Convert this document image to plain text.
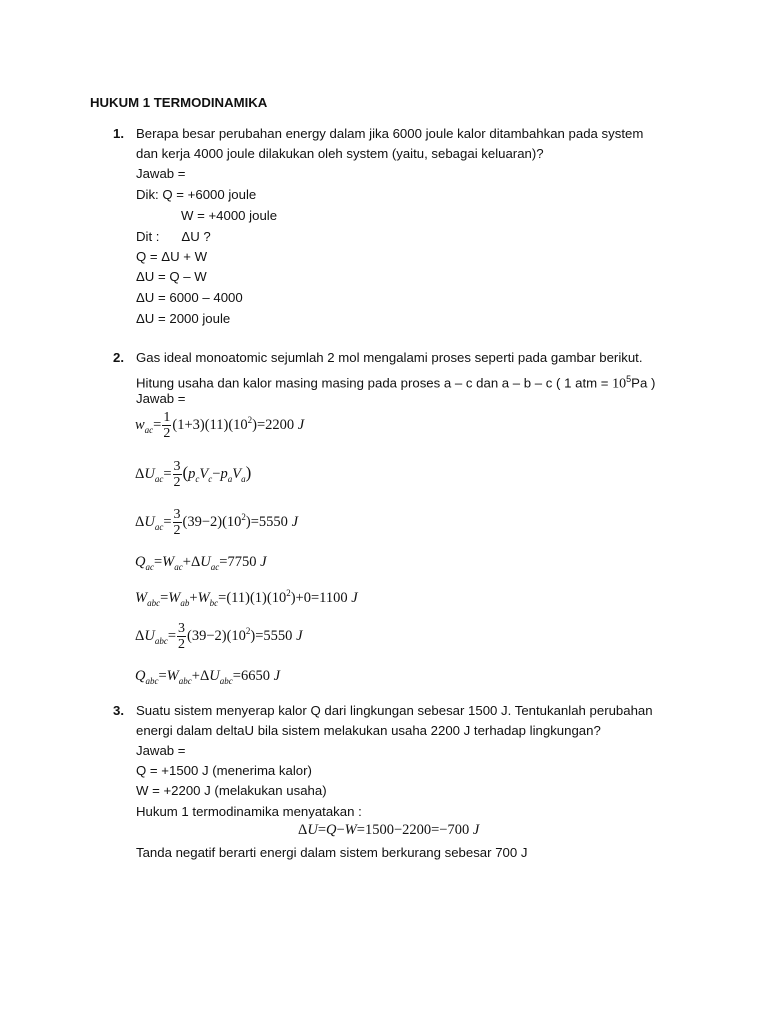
HUKUM 1 TERMODINAMIKA
1. Berapa besar perubahan energy dalam jika 6000 joule kalor ditambahkan pada system
dan kerja 4000 joule dilakukan oleh system (yaitu, sebagai keluaran)?
Jawab =
Dik: Q = +6000 joule
W = +4000 joule
Dit :      ΔU ?
Q = ΔU + W
ΔU = Q – W
ΔU = 6000 – 4000
ΔU = 2000 joule
2. Gas ideal monoatomic sejumlah 2 mol mengalami proses seperti pada gambar berikut.
Hitung usaha dan kalor masing masing pada proses a – c dan a – b – c ( 1 atm = $10^5Pa$ )
Jawab =
$w_{ac}= \frac{1}{2} (1+3)(11)(10^2)=2200$ J
$\Delta U_{ac}= \frac{3}{2} (p_cV_c-p_aV_a)$
$\Delta U_{ac}= \frac{3}{2} (39-2)(10^2)=5550$ J
$Q_{ac}=W_{ac}+\Delta U_{ac}=7750$ J
$W_{abc}=W_{ab}+W_{bc}=(11)(1)(10^2)+0=1100$ J
$\Delta U_{abc}= \frac{3}{2} (39-2)(10^2)=5550$ J
$Q_{abc}=W_{abc}+\Delta U_{abc}=6650$ J
3. Suatu sistem menyerap kalor Q dari lingkungan sebesar 1500 J. Tentukanlah perubahan
energi dalam deltaU bila sistem melakukan usaha 2200 J terhadap lingkungan?
Jawab =
Q = +1500 J (menerima kalor)
W = +2200 J (melakukan usaha)
Hukum 1 termodinamika menyatakan :
ΔU=Q−W=1500−2200=−700 J
Tanda negatif berarti energi dalam sistem berkurang sebesar 700 J
